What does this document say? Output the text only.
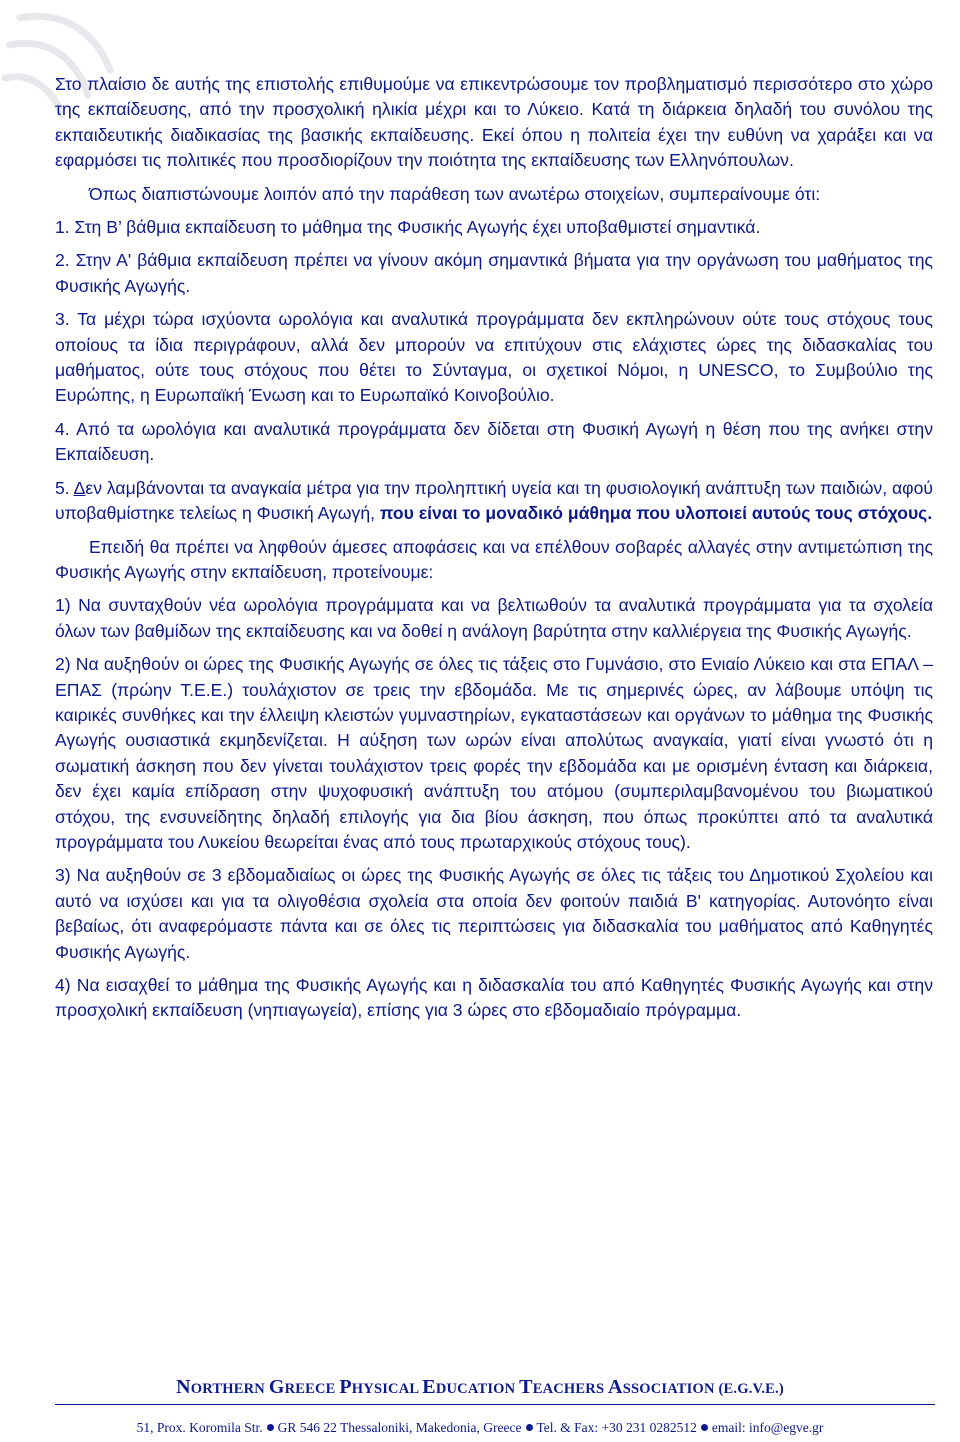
Στο πλαίσιο δε αυτής της επιστολής επιθυμούμε να επικεντρώσουμε τον προβληματισμό περισσότερο στο χώρο της εκπαίδευσης, από την προσχολική ηλικία μέχρι και το Λύκειο. Κατά τη διάρκεια δηλαδή του συνόλου της εκπαιδευτικής διαδικασίας της βασικής εκπαίδευσης. Εκεί όπου η πολιτεία έχει την ευθύνη να χαράξει και να εφαρμόσει τις πολιτικές που προσδιορίζουν την ποιότητα της εκπαίδευσης των Ελληνόπουλων.

Όπως διαπιστώνουμε λοιπόν από την παράθεση των ανωτέρω στοιχείων, συμπεραίνουμε ότι:

1. Στη Β’ βάθμια εκπαίδευση το μάθημα της Φυσικής Αγωγής έχει υποβαθμιστεί σημαντικά.

2. Στην Α' βάθμια εκπαίδευση πρέπει να γίνουν ακόμη σημαντικά βήματα για την οργάνωση του μαθήματος της Φυσικής Αγωγής.

3. Τα μέχρι τώρα ισχύοντα ωρολόγια και αναλυτικά προγράμματα δεν εκπληρώνουν ούτε τους στόχους τους οποίους τα ίδια περιγράφουν, αλλά δεν μπορούν να επιτύχουν στις ελάχιστες ώρες της διδασκαλίας του μαθήματος, ούτε τους στόχους που θέτει το Σύνταγμα, οι σχετικοί Νόμοι, η UNESCO, το Συμβούλιο της Ευρώπης, η Ευρωπαϊκή Ένωση και το Ευρωπαϊκό Κοινοβούλιο.

4. Από τα ωρολόγια και αναλυτικά προγράμματα δεν δίδεται στη Φυσική Αγωγή η θέση που της ανήκει στην Εκπαίδευση.

5. Δεν λαμβάνονται τα αναγκαία μέτρα για την προληπτική υγεία και τη φυσιολογική ανάπτυξη των παιδιών, αφού υποβαθμίστηκε τελείως η Φυσική Αγωγή, που είναι το μοναδικό μάθημα που υλοποιεί αυτούς τους στόχους.

Επειδή θα πρέπει να ληφθούν άμεσες αποφάσεις και να επέλθουν σοβαρές αλλαγές στην αντιμετώπιση της Φυσικής Αγωγής στην εκπαίδευση, προτείνουμε:

1) Να συνταχθούν νέα ωρολόγια προγράμματα και να βελτιωθούν τα αναλυτικά προγράμματα για τα σχολεία όλων των βαθμίδων της εκπαίδευσης και να δοθεί η ανάλογη βαρύτητα στην καλλιέργεια της Φυσικής Αγωγής.

2) Να αυξηθούν οι ώρες της Φυσικής Αγωγής σε όλες τις τάξεις στο Γυμνάσιο, στο Ενιαίο Λύκειο και στα ΕΠΑΛ – ΕΠΑΣ (πρώην Τ.Ε.Ε.) τουλάχιστον σε τρεις την εβδομάδα. Με τις σημερινές ώρες, αν λάβουμε υπόψη τις καιρικές συνθήκες και την έλλειψη κλειστών γυμναστηρίων, εγκαταστάσεων και οργάνων το μάθημα της Φυσικής Αγωγής ουσιαστικά εκμηδενίζεται. Η αύξηση των ωρών είναι απολύτως αναγκαία, γιατί είναι γνωστό ότι η σωματική άσκηση που δεν γίνεται τουλάχιστον τρεις φορές την εβδομάδα και με ορισμένη ένταση και διάρκεια, δεν έχει καμία επίδραση στην ψυχοφυσική ανάπτυξη του ατόμου (συμπεριλαμβανομένου του βιωματικού στόχου, της ενσυνείδητης δηλαδή επιλογής για δια βίου άσκηση, που όπως προκύπτει από τα αναλυτικά προγράμματα του Λυκείου θεωρείται ένας από τους πρωταρχικούς στόχους τους).

3) Να αυξηθούν σε 3 εβδομαδιαίως οι ώρες της Φυσικής Αγωγής σε όλες τις τάξεις του Δημοτικού Σχολείου και αυτό να ισχύσει και για τα ολιγοθέσια σχολεία στα οποία δεν φοιτούν παιδιά Β' κατηγορίας. Αυτονόητο είναι βεβαίως, ότι αναφερόμαστε πάντα και σε όλες τις περιπτώσεις για διδασκαλία του μαθήματος από Καθηγητές Φυσικής Αγωγής.

4) Να εισαχθεί το μάθημα της Φυσικής Αγωγής και η διδασκαλία του από Καθηγητές Φυσικής Αγωγής και στην προσχολική εκπαίδευση (νηπιαγωγεία), επίσης για 3 ώρες στο εβδομαδιαίο πρόγραμμα.

NORTHERN GREECE PHYSICAL EDUCATION TEACHERS ASSOCIATION (E.G.V.E.)
51, Prox. Koromila Str. GR 546 22 Thessaloniki, Makedonia, Greece Tel. & Fax: +30 231 0282512 email: info@egve.gr
